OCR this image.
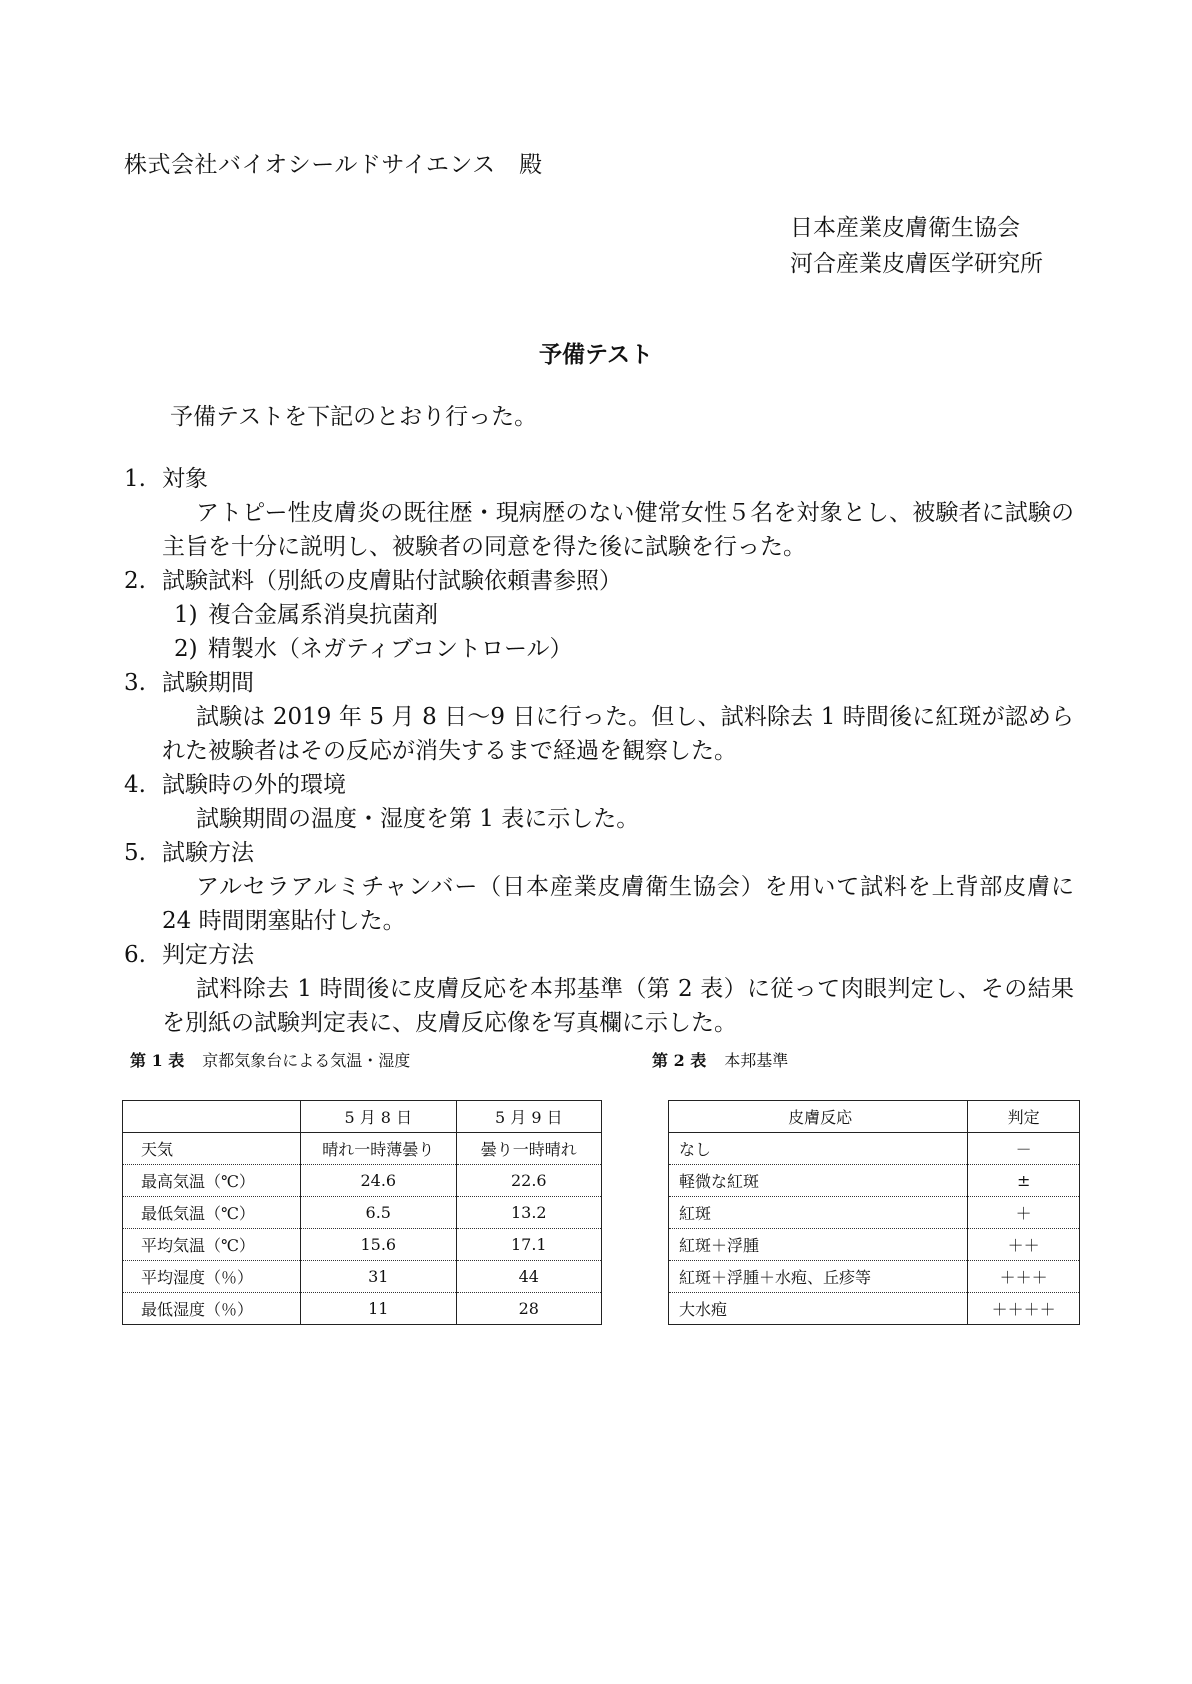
株式会社バイオシールドサイエンス　殿
日本産業皮膚衛生協会
河合産業皮膚医学研究所
予備テスト
予備テストを下記のとおり行った。
1. 対象
アトピー性皮膚炎の既往歴・現病歴のない健常女性５名を対象とし、被験者に試験の主旨を十分に説明し、被験者の同意を得た後に試験を行った。
2. 試験試料（別紙の皮膚貼付試験依頼書参照）
1) 複合金属系消臭抗菌剤
2) 精製水（ネガティブコントロール）
3. 試験期間
試験は 2019 年 5 月 8 日～9 日に行った。但し、試料除去 1 時間後に紅斑が認められた被験者はその反応が消失するまで経過を観察した。
4. 試験時の外的環境
試験期間の温度・湿度を第 1 表に示した。
5. 試験方法
アルセラアルミチャンバー（日本産業皮膚衛生協会）を用いて試料を上背部皮膚に 24 時間閉塞貼付した。
6. 判定方法
試料除去 1 時間後に皮膚反応を本邦基準（第 2 表）に従って肉眼判定し、その結果を別紙の試験判定表に、皮膚反応像を写真欄に示した。
第 1 表 京都気象台による気温・湿度
	5 月 8 日	5 月 9 日
天気	晴れ一時薄曇り	曇り一時晴れ
最高気温（℃）	24.6	22.6
最低気温（℃）	6.5	13.2
平均気温（℃）	15.6	17.1
平均湿度（％）	31	44
最低湿度（％）	11	28
第 2 表 本邦基準
皮膚反応	判定
なし	－
軽微な紅斑	±
紅斑	＋
紅斑＋浮腫	＋＋
紅斑＋浮腫＋水疱、丘疹等	＋＋＋
大水疱	＋＋＋＋
